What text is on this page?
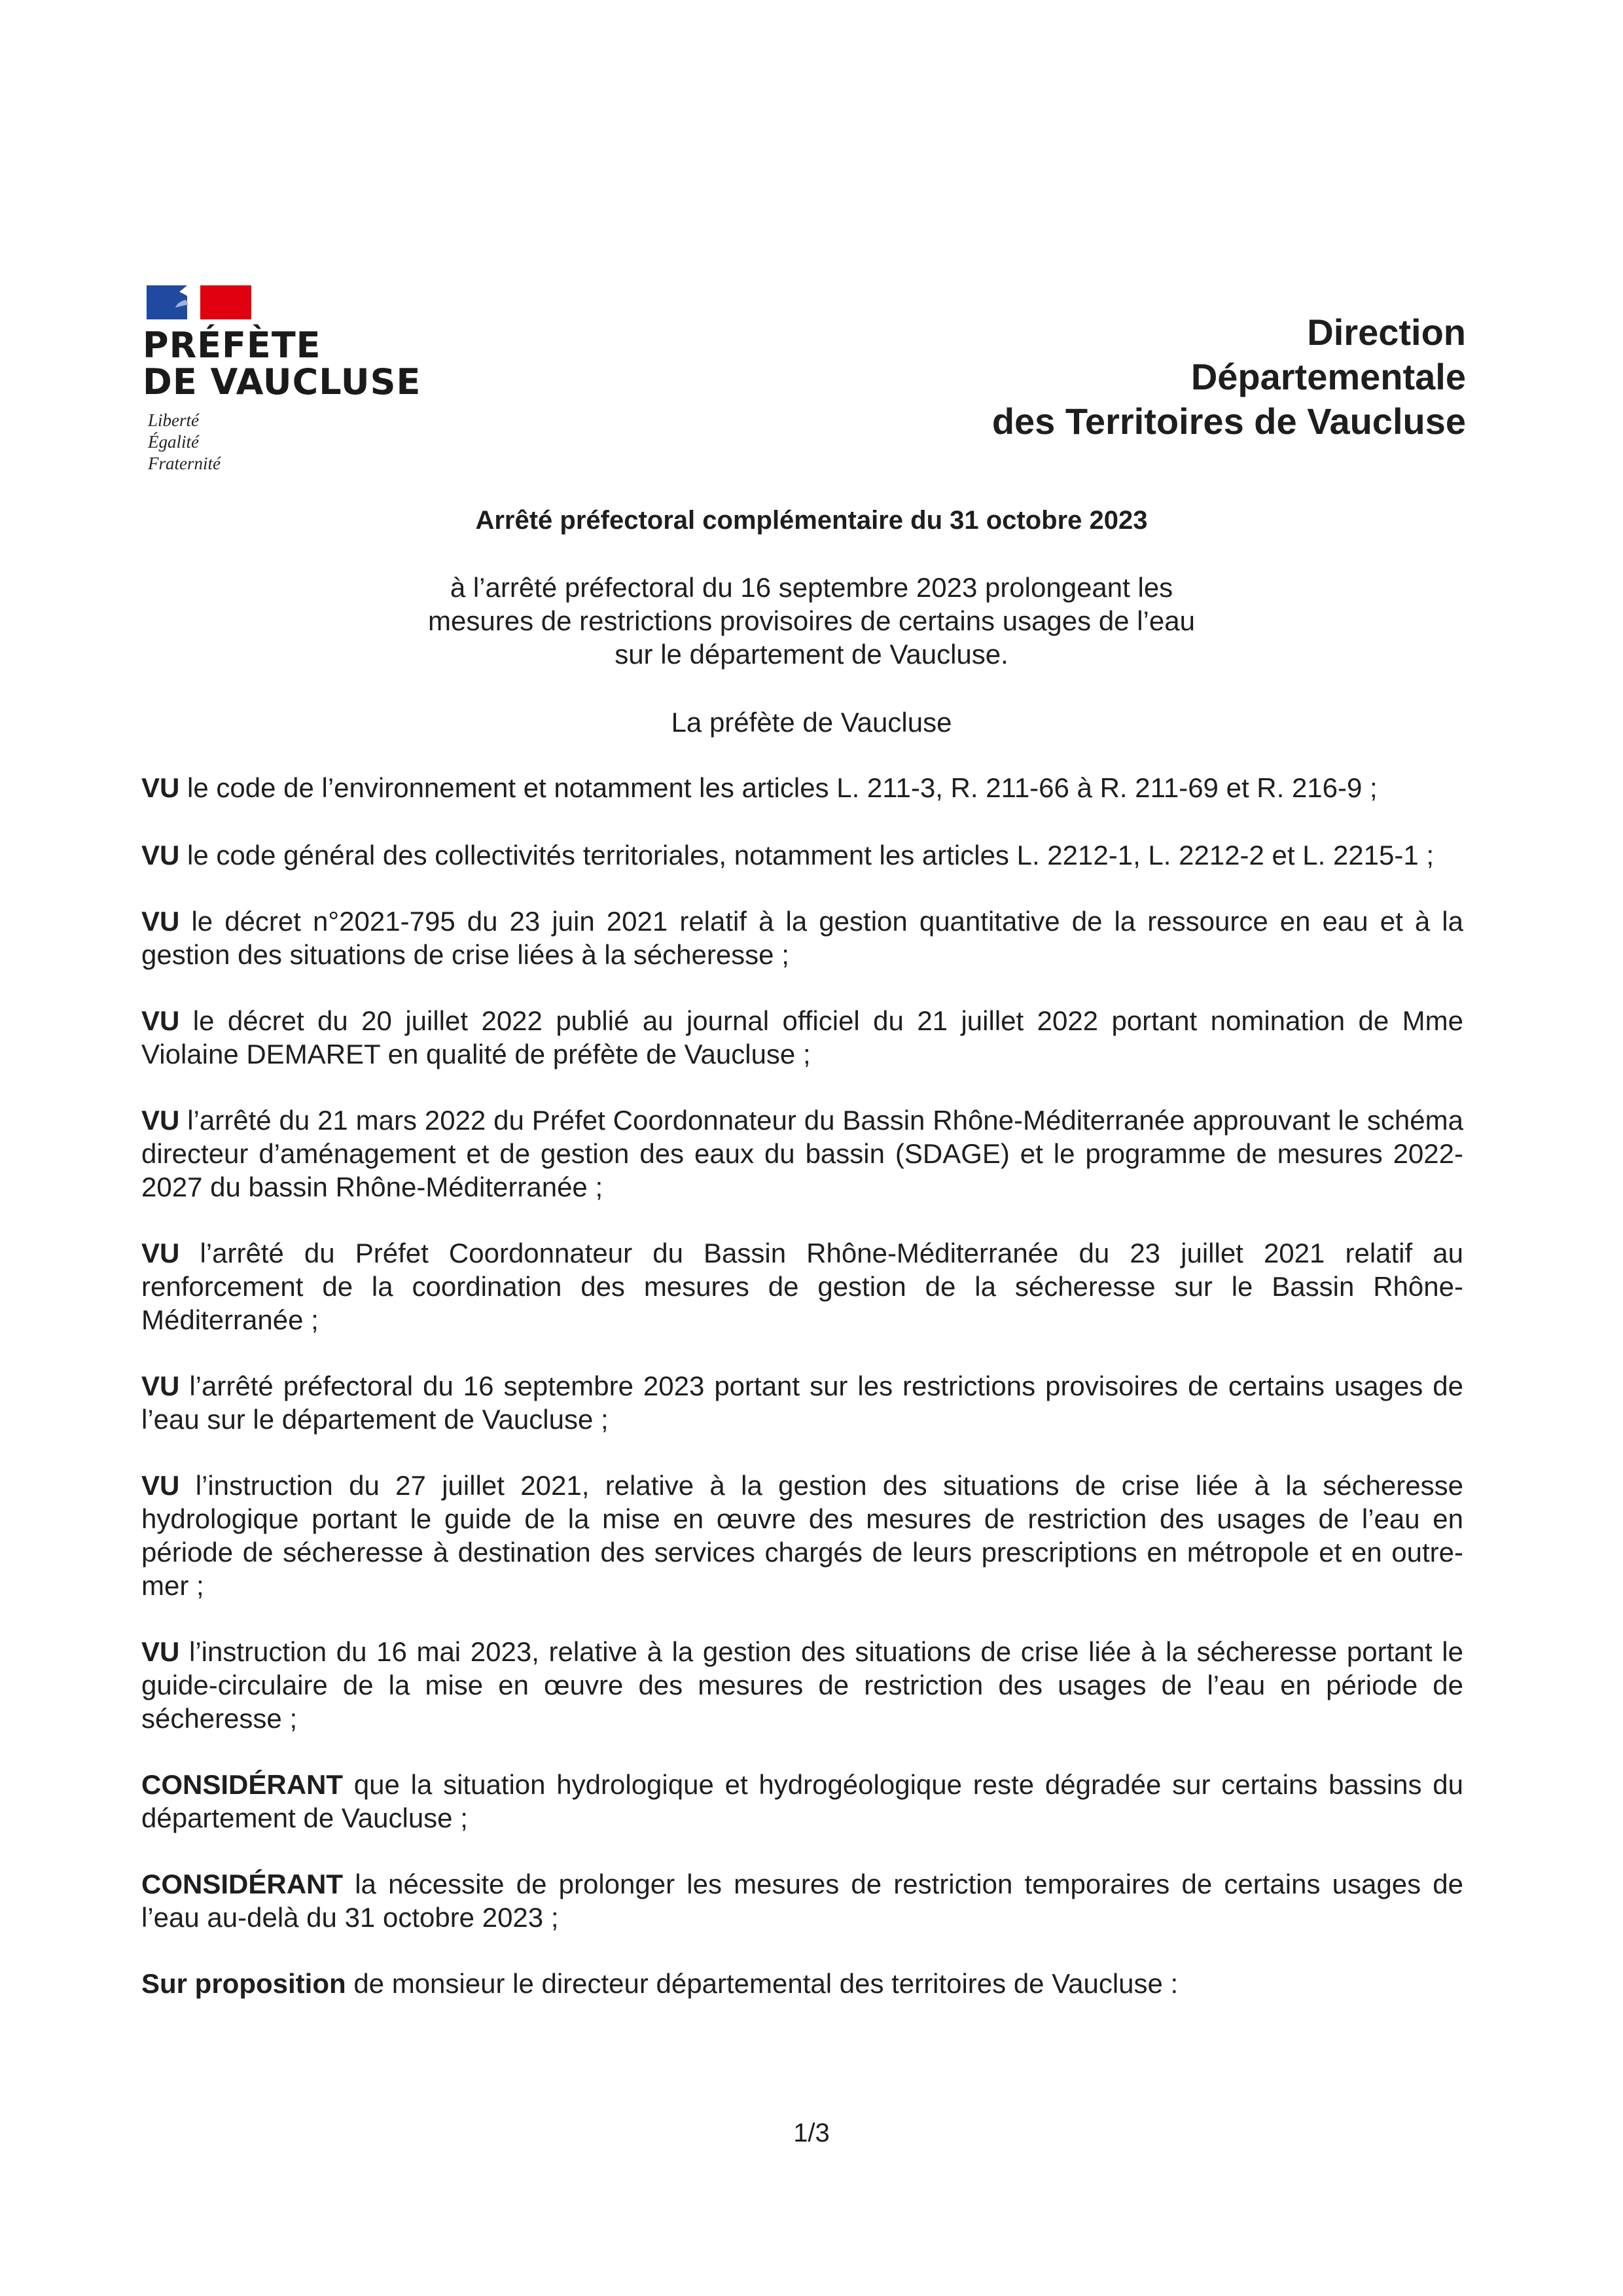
PRÉFÈTE
DE VAUCLUSE
Liberté
Égalité
Fraternité
Direction
Départementale
des Territoires de Vaucluse
Arrêté préfectoral complémentaire du 31 octobre 2023
à l’arrêté préfectoral du 16 septembre 2023 prolongeant les
mesures de restrictions provisoires de certains usages de l’eau
sur le département de Vaucluse.
La préfète de Vaucluse

VU le code de l’environnement et notamment les articles L. 211-3, R. 211-66 à R. 211-69 et R. 216-9 ;

VU le code général des collectivités territoriales, notamment les articles L. 2212-1, L. 2212-2 et L. 2215-1 ;

VU le décret n°2021-795 du 23 juin 2021 relatif à la gestion quantitative de la ressource en eau et à la gestion des situations de crise liées à la sécheresse ;

VU le décret du 20 juillet 2022 publié au journal officiel du 21 juillet 2022 portant nomination de Mme Violaine DEMARET en qualité de préfète de Vaucluse ;

VU l’arrêté du 21 mars 2022 du Préfet Coordonnateur du Bassin Rhône-Méditerranée approuvant le schéma directeur d’aménagement et de gestion des eaux du bassin (SDAGE) et le programme de mesures 2022-2027 du bassin Rhône-Méditerranée ;

VU l’arrêté du Préfet Coordonnateur du Bassin Rhône-Méditerranée du 23 juillet 2021 relatif au renforcement de la coordination des mesures de gestion de la sécheresse sur le Bassin Rhône-Méditerranée ;

VU l’arrêté préfectoral du 16 septembre 2023 portant sur les restrictions provisoires de certains usages de l’eau sur le département de Vaucluse ;

VU l’instruction du 27 juillet 2021, relative à la gestion des situations de crise liée à la sécheresse hydrologique portant le guide de la mise en œuvre des mesures de restriction des usages de l’eau en période de sécheresse à destination des services chargés de leurs prescriptions en métropole et en outre-mer ;

VU l’instruction du 16 mai 2023, relative à la gestion des situations de crise liée à la sécheresse portant le guide-circulaire de la mise en œuvre des mesures de restriction des usages de l’eau en période de sécheresse ;

CONSIDÉRANT que la situation hydrologique et hydrogéologique reste dégradée sur certains bassins du département de Vaucluse ;

CONSIDÉRANT la nécessite de prolonger les mesures de restriction temporaires de certains usages de l’eau au-delà du 31 octobre 2023 ;

Sur proposition de monsieur le directeur départemental des territoires de Vaucluse :

1/3
